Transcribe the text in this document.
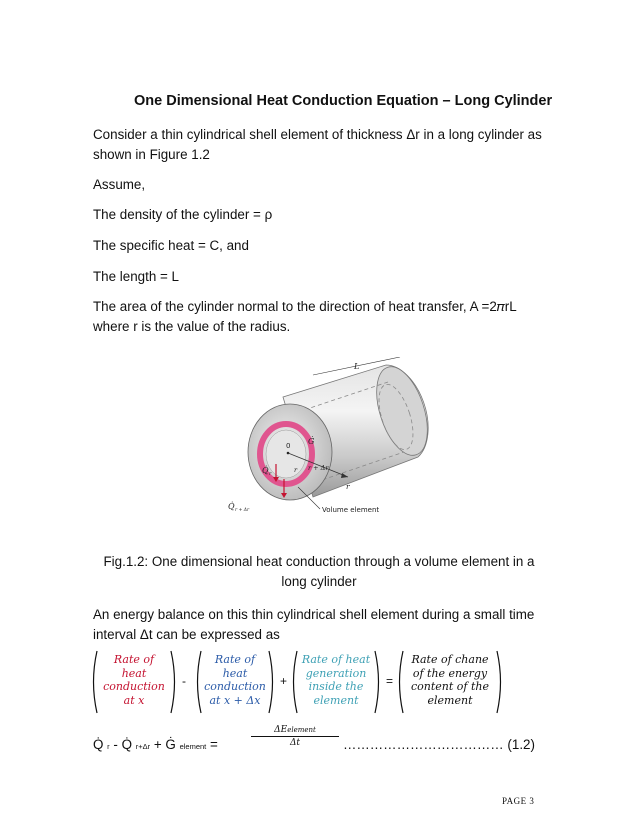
One Dimensional Heat Conduction Equation – Long Cylinder
Consider a thin cylindrical shell element of thickness Δr in a long cylinder as
shown in Figure 1.2
Assume,
The density of the cylinder = ρ
The specific heat = C, and
The length = L
The area of the cylinder normal to the direction of heat transfer, A =2𝜋rL
where r is the value of the radius.
L
Ġ
0
r
r r + Δr
Q̇ r
Q̇ r + Δr	Volume element
Fig.1.2: One dimensional heat conduction through a volume element in a
long cylinder
An energy balance on this thin cylindrical shell element during a small time
interval Δt can be expressed as
Rate of
heat
conduction
at x
-
Rate of
heat
conduction
at x + Δx
+
Rate of heat
generation
inside the
element
=
Rate of chane
of the energy
content of the
element
Q̇ r - Q̇ r+Δr + Ġ element =
ΔEelement
Δt	……………………………… (1.2)
PAGE 3
